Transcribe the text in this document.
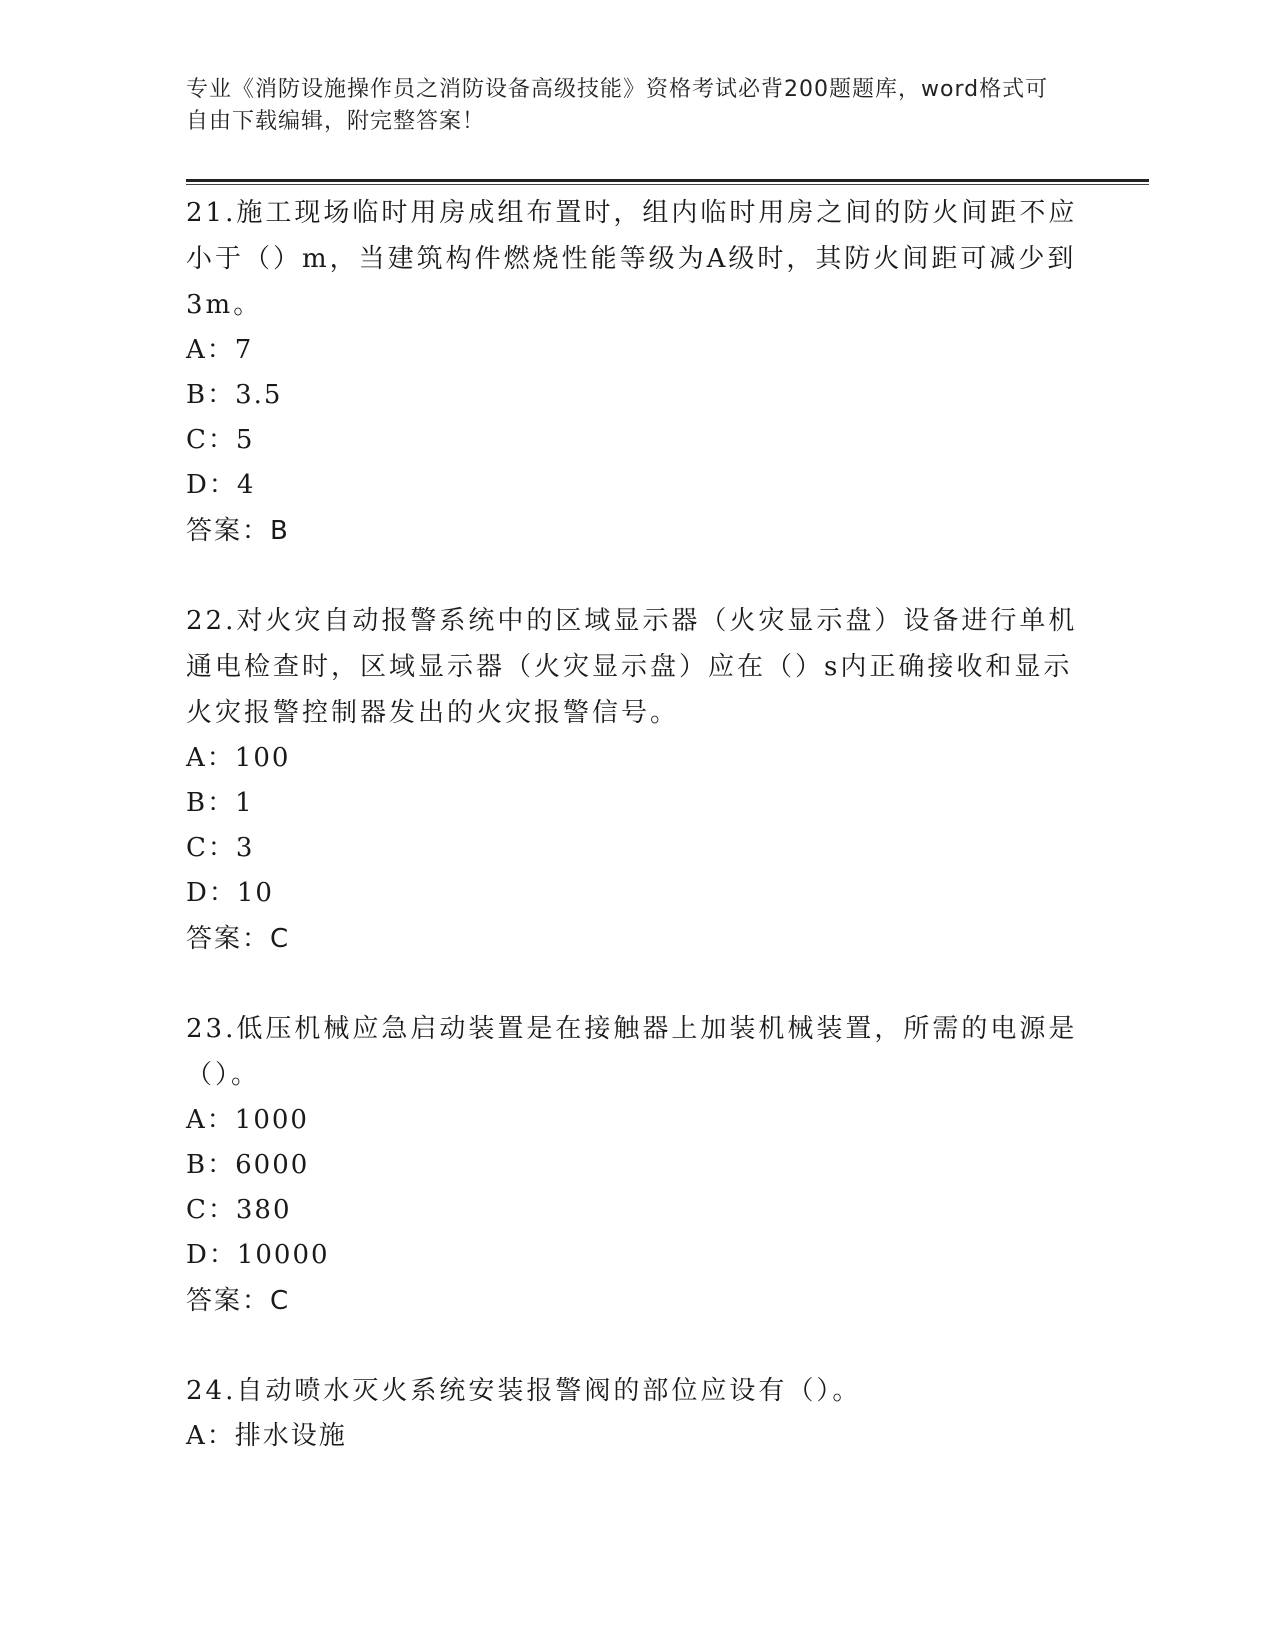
专业《消防设施操作员之消防设备高级技能》资格考试必背200题题库，word格式可自由下载编辑，附完整答案！

21.施工现场临时用房成组布置时，组内临时用房之间的防火间距不应小于（）m，当建筑构件燃烧性能等级为A级时，其防火间距可减少到3m。

A：7

B：3.5

C：5

D：4

答案：B

22.对火灾自动报警系统中的区域显示器（火灾显示盘）设备进行单机通电检查时，区域显示器（火灾显示盘）应在（）s内正确接收和显示火灾报警控制器发出的火灾报警信号。

A：100

B：1

C：3

D：10

答案：C

23.低压机械应急启动装置是在接触器上加装机械装置，所需的电源是（）。

A：1000

B：6000

C：380

D：10000

答案：C

24.自动喷水灭火系统安装报警阀的部位应设有（）。

A：排水设施
